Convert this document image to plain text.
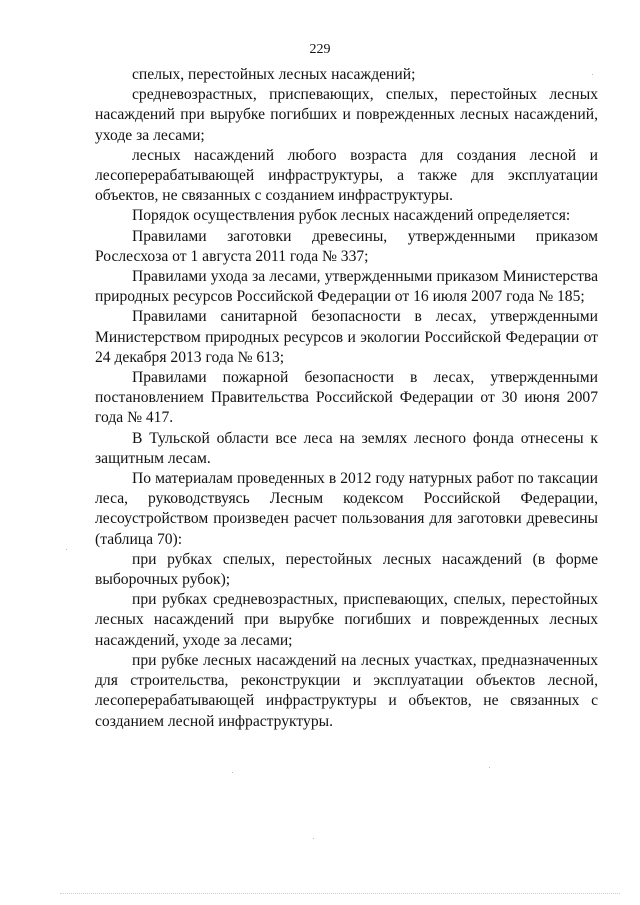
229

спелых, перестойных лесных насаждений;

средневозрастных, приспевающих, спелых, перестойных лесных насаждений при вырубке погибших и поврежденных лесных насаждений, уходе за лесами;

лесных насаждений любого возраста для создания лесной и лесоперерабатывающей инфраструктуры, а также для эксплуатации объектов, не связанных с созданием инфраструктуры.

Порядок осуществления рубок лесных насаждений определяется:

Правилами заготовки древесины, утвержденными приказом Рослесхоза от 1 августа 2011 года № 337;

Правилами ухода за лесами, утвержденными приказом Министерства природных ресурсов Российской Федерации от 16 июля 2007 года № 185;

Правилами санитарной безопасности в лесах, утвержденными Министерством природных ресурсов и экологии Российской Федерации от 24 декабря 2013 года № 613;

Правилами пожарной безопасности в лесах, утвержденными постановлением Правительства Российской Федерации от 30 июня 2007 года № 417.

В Тульской области все леса на землях лесного фонда отнесены к защитным лесам.

По материалам проведенных в 2012 году натурных работ по таксации леса, руководствуясь Лесным кодексом Российской Федерации, лесоустройством произведен расчет пользования для заготовки древесины (таблица 70):

при рубках спелых, перестойных лесных насаждений (в форме выборочных рубок);

при рубках средневозрастных, приспевающих, спелых, перестойных лесных насаждений при вырубке погибших и поврежденных лесных насаждений, уходе за лесами;

при рубке лесных насаждений на лесных участках, предназначенных для строительства, реконструкции и эксплуатации объектов лесной, лесоперерабатывающей инфраструктуры и объектов, не связанных с созданием лесной инфраструктуры.
